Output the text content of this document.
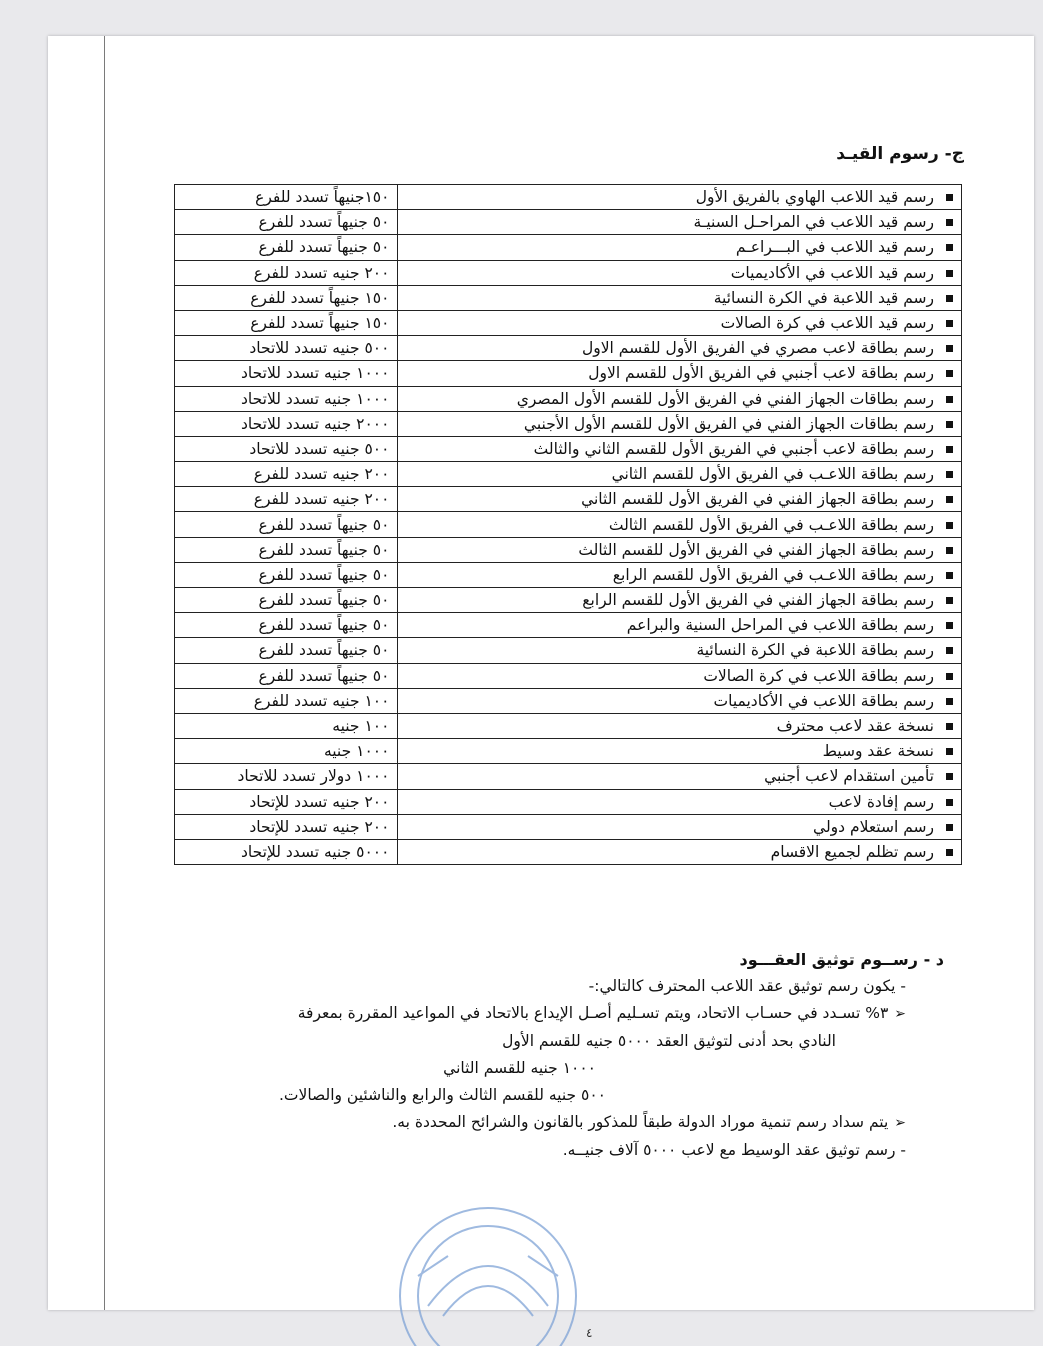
ج- رسوم القيـد
رسم قيد اللاعب الهاوي بالفريق الأول	١٥٠جنيهاً تسدد للفرع
رسم قيد اللاعب في المراحـل السنيـة	٥٠ جنيهاً تسدد للفرع
رسم قيد اللاعب في البـــراعـم	٥٠ جنيهاً تسدد للفرع
رسم قيد اللاعب في الأكاديميات	٢٠٠ جنيه تسدد للفرع
رسم قيد اللاعبة في الكرة النسائية	١٥٠ جنيهاً تسدد للفرع
رسم قيد اللاعب في كرة الصالات	١٥٠ جنيهاً تسدد للفرع
رسم بطاقة لاعب مصري في الفريق الأول للقسم الاول	٥٠٠ جنيه تسدد للاتحاد
رسم بطاقة لاعب أجنبي في الفريق الأول للقسم الاول	١٠٠٠ جنيه تسدد للاتحاد
رسم بطاقات الجهاز الفني في الفريق الأول للقسم الأول المصري	١٠٠٠ جنيه تسدد للاتحاد
رسم بطاقات الجهاز الفني في الفريق الأول للقسم الأول الأجنبي	٢٠٠٠ جنيه تسدد للاتحاد
رسم بطاقة لاعب أجنبي في الفريق الأول للقسم الثاني والثالث	٥٠٠ جنيه تسدد للاتحاد
رسم بطاقة اللاعـب في الفريق الأول للقسم الثاني	٢٠٠ جنيه تسدد للفرع
رسم بطاقة الجهاز الفني في الفريق الأول للقسم الثاني	٢٠٠ جنيه تسدد للفرع
رسم بطاقة اللاعـب في الفريق الأول للقسم الثالث	٥٠ جنيهاً تسدد للفرع
رسم بطاقة الجهاز الفني في الفريق الأول للقسم الثالث	٥٠ جنيهاً تسدد للفرع
رسم بطاقة اللاعـب في الفريق الأول للقسم الرابع	٥٠ جنيهاً تسدد للفرع
رسم بطاقة الجهاز الفني في الفريق الأول للقسم الرابع	٥٠ جنيهاً تسدد للفرع
رسم بطاقة اللاعب في المراحل السنية والبراعم	٥٠ جنيهاً تسدد للفرع
رسم بطاقة اللاعبة في الكرة النسائية	٥٠ جنيهاً تسدد للفرع
رسم بطاقة اللاعب في كرة الصالات	٥٠ جنيهاً تسدد للفرع
رسم بطاقة اللاعب في الأكاديميات	١٠٠ جنيه تسدد للفرع
نسخة عقد لاعب محترف	١٠٠ جنيه
نسخة عقد وسيط	١٠٠٠ جنيه
تأمين استقدام لاعب أجنبي	١٠٠٠ دولار تسدد للاتحاد
رسم إفادة لاعب	٢٠٠ جنيه تسدد للإتحاد
رسم استعلام دولي	٢٠٠ جنيه تسدد للإتحاد
رسم تظلم لجميع الاقسام	٥٠٠٠ جنيه تسدد للإتحاد
د - رســوم توثيق العقـــود
- يكون رسم توثيق عقد اللاعب المحترف كالتالي:-
➢٣% تسـدد في حسـاب الاتحاد، ويتم تسـليم أصـل الإيداع بالاتحاد في المواعيد المقررة بمعرفة
النادي بحد أدنى لتوثيق العقد ٥٠٠٠ جنيه للقسم الأول
١٠٠٠ جنيه للقسم الثاني
٥٠٠ جنيه للقسم الثالث والرابع والناشئين والصالات.
➢يتم سداد رسم تنمية موراد الدولة طبقاً للمذكور بالقانون والشرائح المحددة به.
- رسم توثيق عقد الوسيط مع لاعب ٥٠٠٠ آلاف جنيــه.
٤
